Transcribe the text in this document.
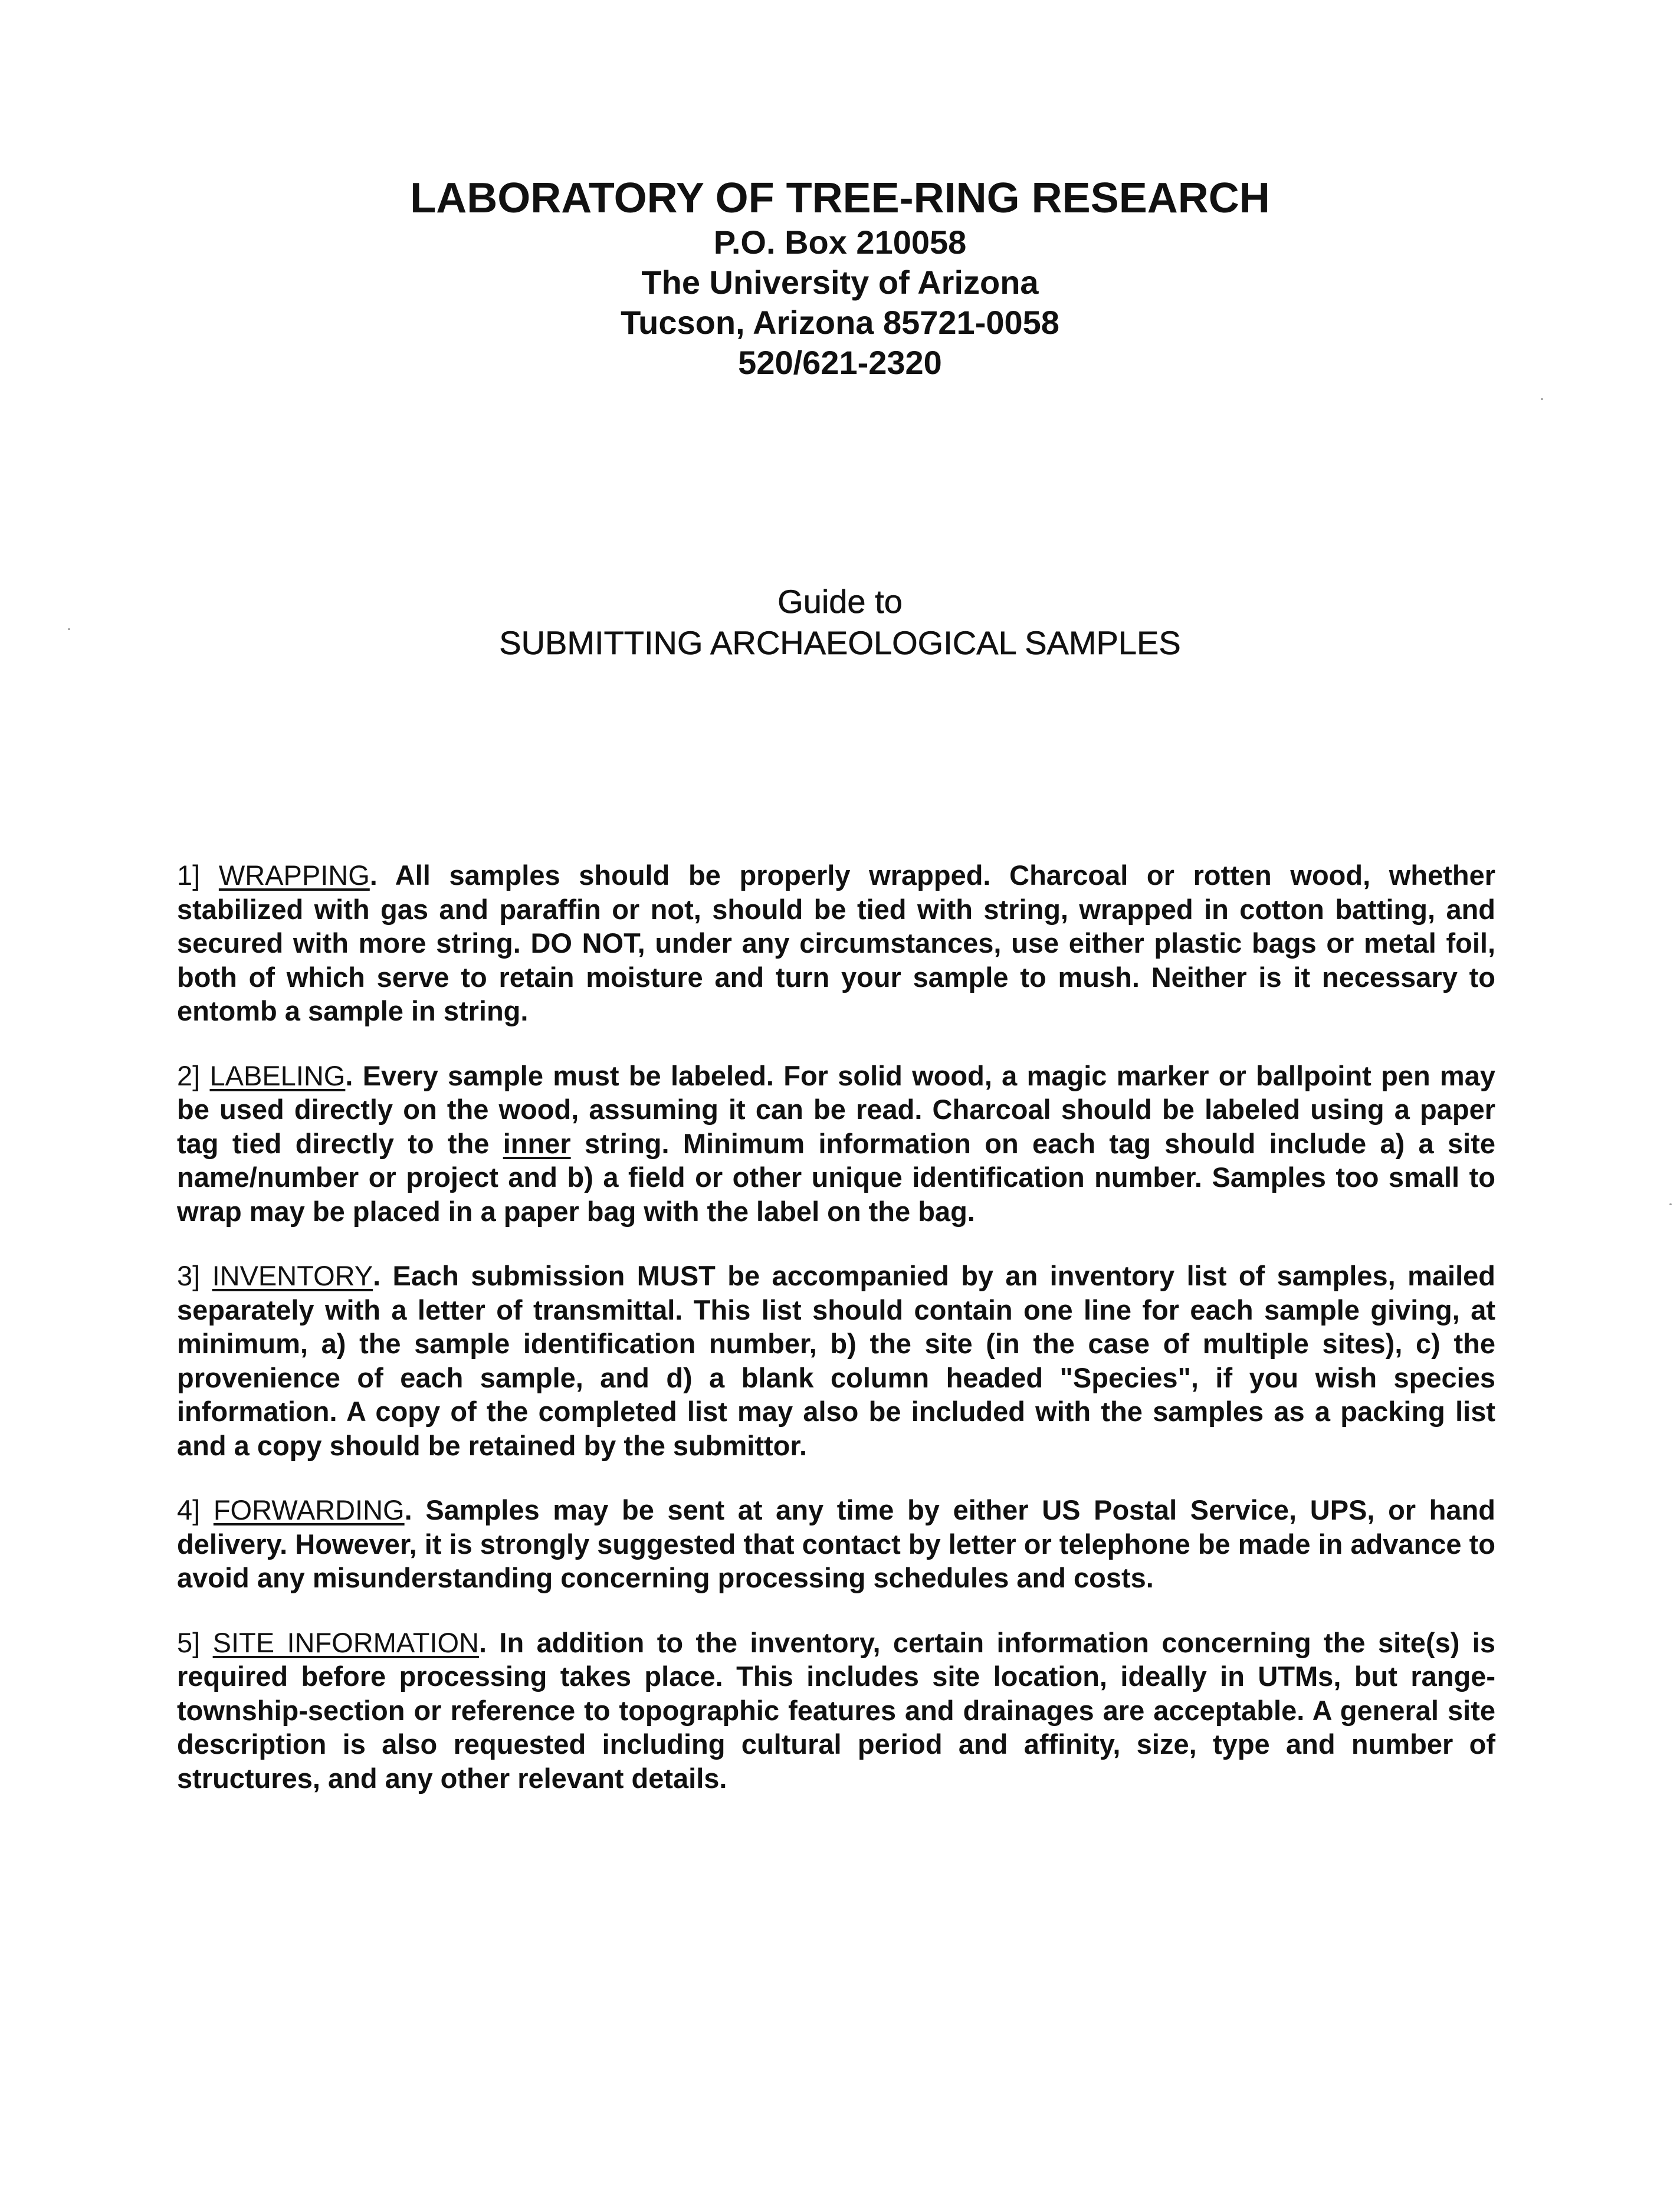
LABORATORY OF TREE-RING RESEARCH

P.O. Box 210058

The University of Arizona

Tucson, Arizona 85721-0058

520/621-2320

Guide to

SUBMITTING ARCHAEOLOGICAL SAMPLES

1] WRAPPING. All samples should be properly wrapped. Charcoal or rotten wood, whether stabilized with gas and paraffin or not, should be tied with string, wrapped in cotton batting, and secured with more string. DO NOT, under any circumstances, use either plastic bags or metal foil, both of which serve to retain moisture and turn your sample to mush. Neither is it necessary to entomb a sample in string.

2] LABELING. Every sample must be labeled. For solid wood, a magic marker or ballpoint pen may be used directly on the wood, assuming it can be read. Charcoal should be labeled using a paper tag tied directly to the inner string. Minimum information on each tag should include a) a site name/number or project and b) a field or other unique identification number. Samples too small to wrap may be placed in a paper bag with the label on the bag.

3] INVENTORY. Each submission MUST be accompanied by an inventory list of samples, mailed separately with a letter of transmittal. This list should contain one line for each sample giving, at minimum, a) the sample identification number, b) the site (in the case of multiple sites), c) the provenience of each sample, and d) a blank column headed "Species", if you wish species information. A copy of the completed list may also be included with the samples as a packing list and a copy should be retained by the submittor.

4] FORWARDING. Samples may be sent at any time by either US Postal Service, UPS, or hand delivery. However, it is strongly suggested that contact by letter or telephone be made in advance to avoid any misunderstanding concerning processing schedules and costs.

5] SITE INFORMATION. In addition to the inventory, certain information concerning the site(s) is required before processing takes place. This includes site location, ideally in UTMs, but range-township-section or reference to topographic features and drainages are acceptable. A general site description is also requested including cultural period and affinity, size, type and number of structures, and any other relevant details.
